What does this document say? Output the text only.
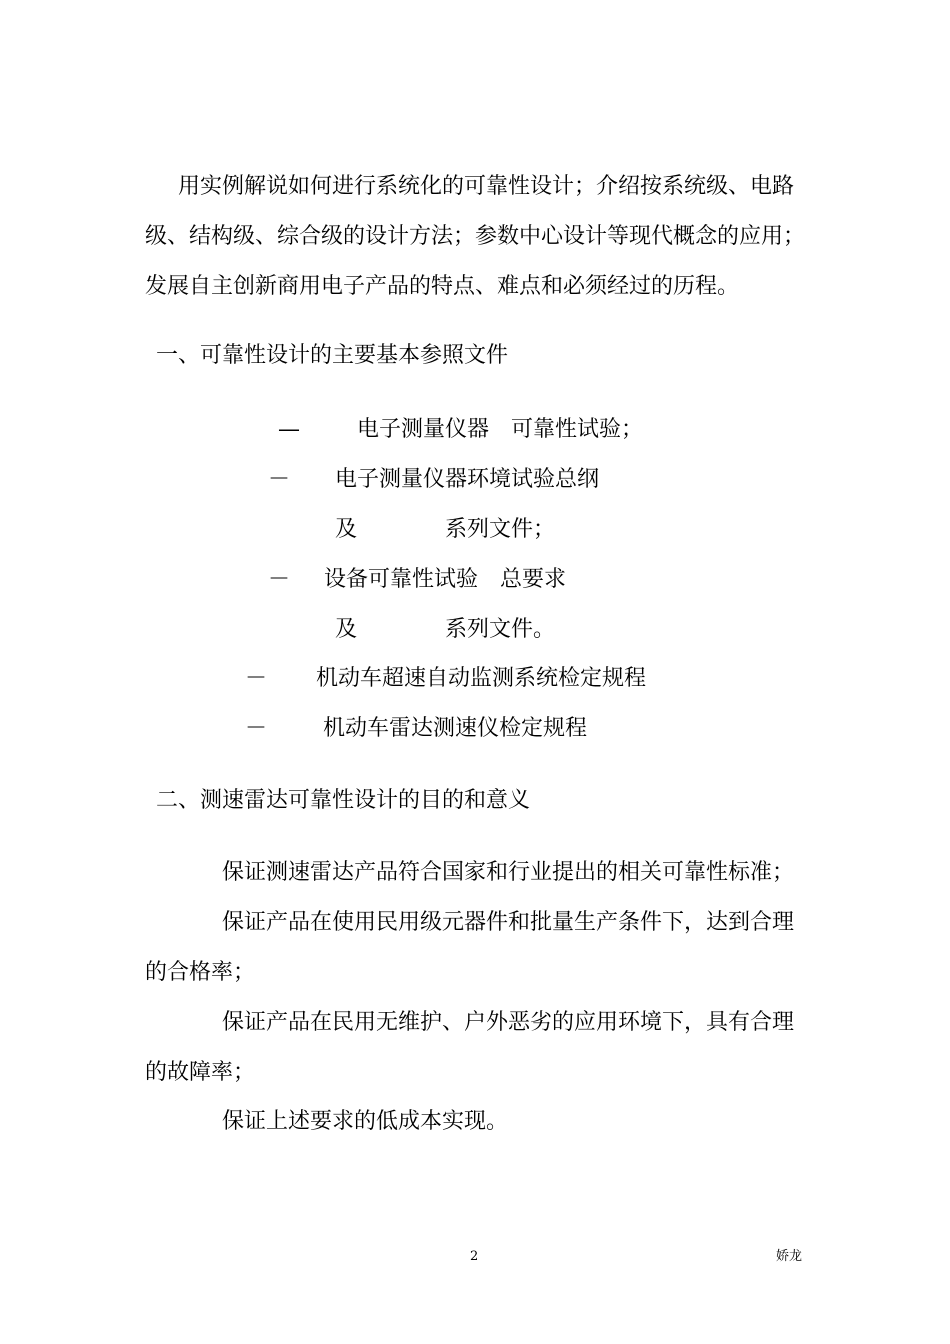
用实例解说如何进行系统化的可靠性设计；介绍按系统级、电路
级、结构级、综合级的设计方法；参数中心设计等现代概念的应用；
发展自主创新商用电子产品的特点、难点和必须经过的历程。
一、可靠性设计的主要基本参照文件
—	电子测量仪器　可靠性试验；
－ 电子测量仪器环境试验总纲
及　　　　系列文件；
－ 设备可靠性试验　总要求
及　　　　系列文件。
－ 机动车超速自动监测系统检定规程
－	机动车雷达测速仪检定规程
二、测速雷达可靠性设计的目的和意义
保证测速雷达产品符合国家和行业提出的相关可靠性标准；
保证产品在使用民用级元器件和批量生产条件下，达到合理
的合格率；
保证产品在民用无维护、户外恶劣的应用环境下，具有合理
的故障率；
保证上述要求的低成本实现。
2	娇龙
